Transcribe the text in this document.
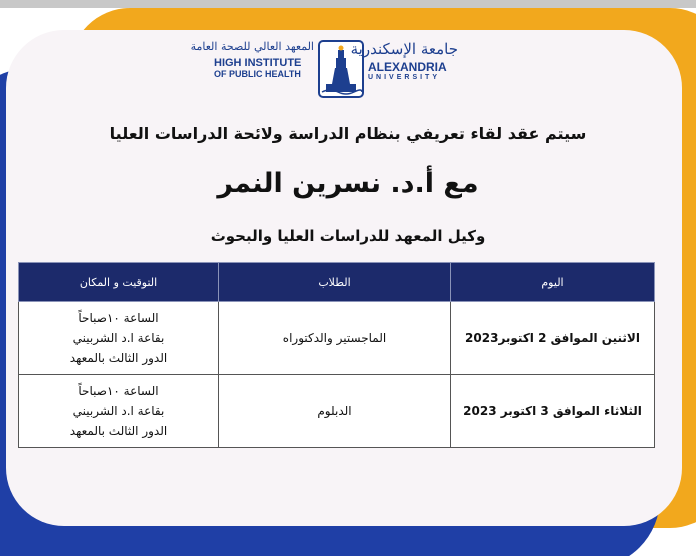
المعهد العالي للصحة العامة
HIGH INSTITUTE
OF PUBLIC HEALTH
جامعة الإسكندرية
ALEXANDRIA
UNIVERSITY
سيتم عقد لقاء تعريفي بنظام الدراسة ولائحة الدراسات العليا
مع أ.د. نسرين النمر
وكيل المعهد للدراسات العليا والبحوث
اليوم	الطلاب	التوقيت و المكان
الاثنين الموافق 2 اكتوبر2023	الماجستير والدكتوراه	الساعة ١٠صباحاً
بقاعة ا.د الشربيني
الدور الثالث بالمعهد

الثلاثاء الموافق 3 اكتوبر 2023	الدبلوم	الساعة ١٠صباحاً
بقاعة ا.د الشربيني
الدور الثالث بالمعهد
